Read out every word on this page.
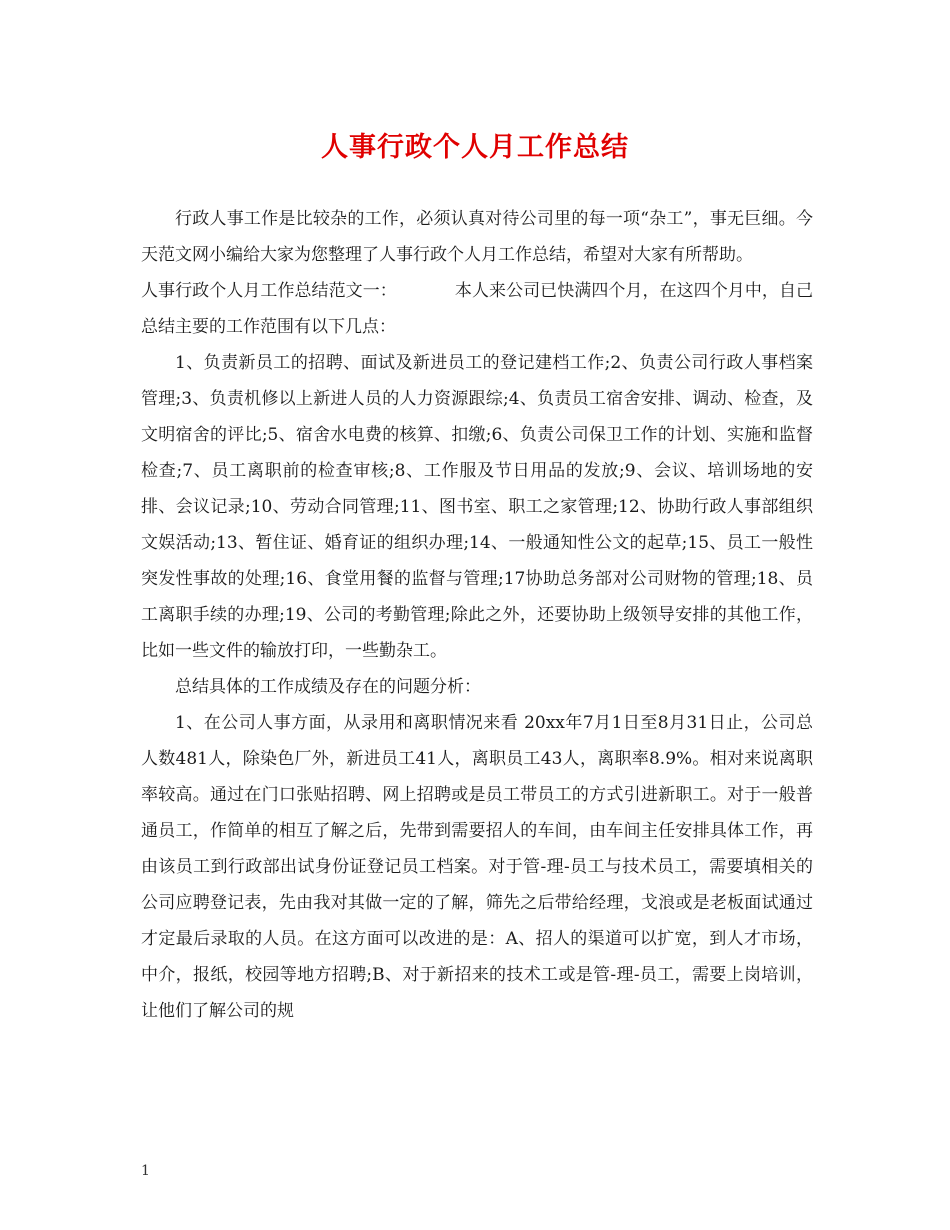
人事行政个人月工作总结

行政人事工作是比较杂的工作，必须认真对待公司里的每一项“杂工”，事无巨细。今天范文网小编给大家为您整理了人事行政个人月工作总结，希望对大家有所帮助。

人事行政个人月工作总结范文一：	本人来公司已快满四个月，在这四个月中，自己总结主要的工作范围有以下几点：

1、负责新员工的招聘、面试及新进员工的登记建档工作;2、负责公司行政人事档案管理;3、负责机修以上新进人员的人力资源跟综;4、负责员工宿舍安排、调动、检查，及文明宿舍的评比;5、宿舍水电费的核算、扣缴;6、负责公司保卫工作的计划、实施和监督检查;7、员工离职前的检查审核;8、工作服及节日用品的发放;9、会议、培训场地的安排、会议记录;10、劳动合同管理;11、图书室、职工之家管理;12、协助行政人事部组织文娱活动;13、暂住证、婚育证的组织办理;14、一般通知性公文的起草;15、员工一般性突发性事故的处理;16、食堂用餐的监督与管理;17协助总务部对公司财物的管理;18、员工离职手续的办理;19、公司的考勤管理;除此之外，还要协助上级领导安排的其他工作，比如一些文件的输放打印，一些勤杂工。

总结具体的工作成绩及存在的问题分析：

1、在公司人事方面，从录用和离职情况来看 20xx年7月1日至8月31日止，公司总人数481人，除染色厂外，新进员工41人，离职员工43人，离职率8.9%。相对来说离职率较高。通过在门口张贴招聘、网上招聘或是员工带员工的方式引进新职工。对于一般普通员工，作简单的相互了解之后，先带到需要招人的车间，由车间主任安排具体工作，再由该员工到行政部出试身份证登记员工档案。对于管-理-员工与技术员工，需要填相关的公司应聘登记表，先由我对其做一定的了解，筛先之后带给经理，戈浪或是老板面试通过才定最后录取的人员。在这方面可以改进的是：A、招人的渠道可以扩宽，到人才市场，中介，报纸，校园等地方招聘;B、对于新招来的技术工或是管-理-员工，需要上岗培训，让他们了解公司的规

1
